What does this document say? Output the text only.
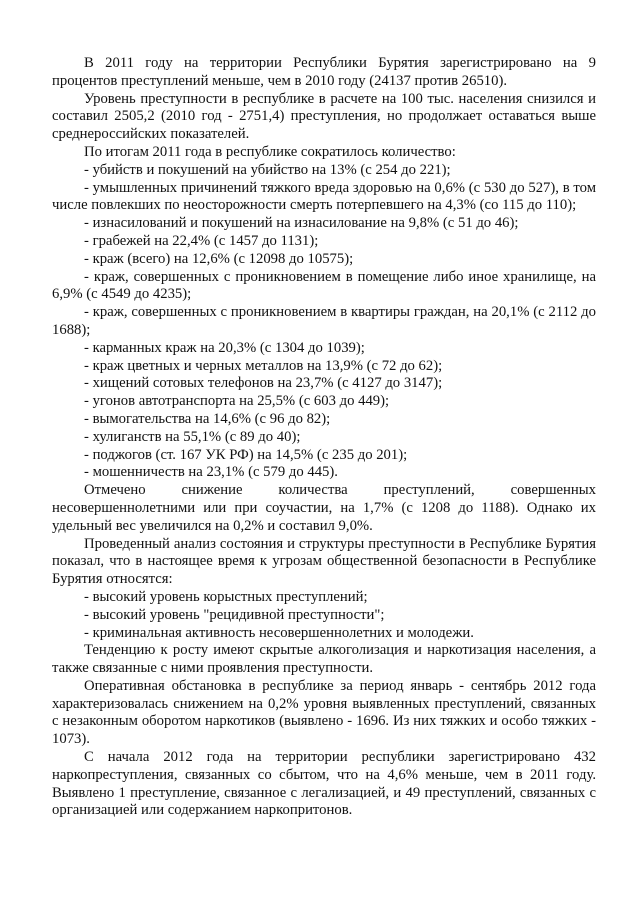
В 2011 году на территории Республики Бурятия зарегистрировано на 9 процентов преступлений меньше, чем в 2010 году (24137 против 26510).

Уровень преступности в республике в расчете на 100 тыс. населения снизился и составил 2505,2 (2010 год - 2751,4) преступления, но продолжает оставаться выше среднероссийских показателей.

По итогам 2011 года в республике сократилось количество:

- убийств и покушений на убийство на 13% (с 254 до 221);

- умышленных причинений тяжкого вреда здоровью на 0,6% (с 530 до 527), в том числе повлекших по неосторожности смерть потерпевшего на 4,3% (со 115 до 110);

- изнасилований и покушений на изнасилование на 9,8% (с 51 до 46);

- грабежей на 22,4% (с 1457 до 1131);

- краж (всего) на 12,6% (с 12098 до 10575);

- краж, совершенных с проникновением в помещение либо иное хранилище, на 6,9% (с 4549 до 4235);

- краж, совершенных с проникновением в квартиры граждан, на 20,1% (с 2112 до 1688);

- карманных краж на 20,3% (с 1304 до 1039);

- краж цветных и черных металлов на 13,9% (с 72 до 62);

- хищений сотовых телефонов на 23,7% (с 4127 до 3147);

- угонов автотранспорта на 25,5% (с 603 до 449);

- вымогательства на 14,6% (с 96 до 82);

- хулиганств на 55,1% (с 89 до 40);

- поджогов (ст. 167 УК РФ) на 14,5% (с 235 до 201);

- мошенничеств на 23,1% (с 579 до 445).

Отмечено снижение количества преступлений, совершенных несовершеннолетними или при соучастии, на 1,7% (с 1208 до 1188). Однако их удельный вес увеличился на 0,2% и составил 9,0%.

Проведенный анализ состояния и структуры преступности в Республике Бурятия показал, что в настоящее время к угрозам общественной безопасности в Республике Бурятия относятся:

- высокий уровень корыстных преступлений;

- высокий уровень "рецидивной преступности";

- криминальная активность несовершеннолетних и молодежи.

Тенденцию к росту имеют скрытые алкоголизация и наркотизация населения, а также связанные с ними проявления преступности.

Оперативная обстановка в республике за период январь - сентябрь 2012 года характеризовалась снижением на 0,2% уровня выявленных преступлений, связанных с незаконным оборотом наркотиков (выявлено - 1696. Из них тяжких и особо тяжких - 1073).

С начала 2012 года на территории республики зарегистрировано 432 наркопреступления, связанных со сбытом, что на 4,6% меньше, чем в 2011 году. Выявлено 1 преступление, связанное с легализацией, и 49 преступлений, связанных с организацией или содержанием наркопритонов.
